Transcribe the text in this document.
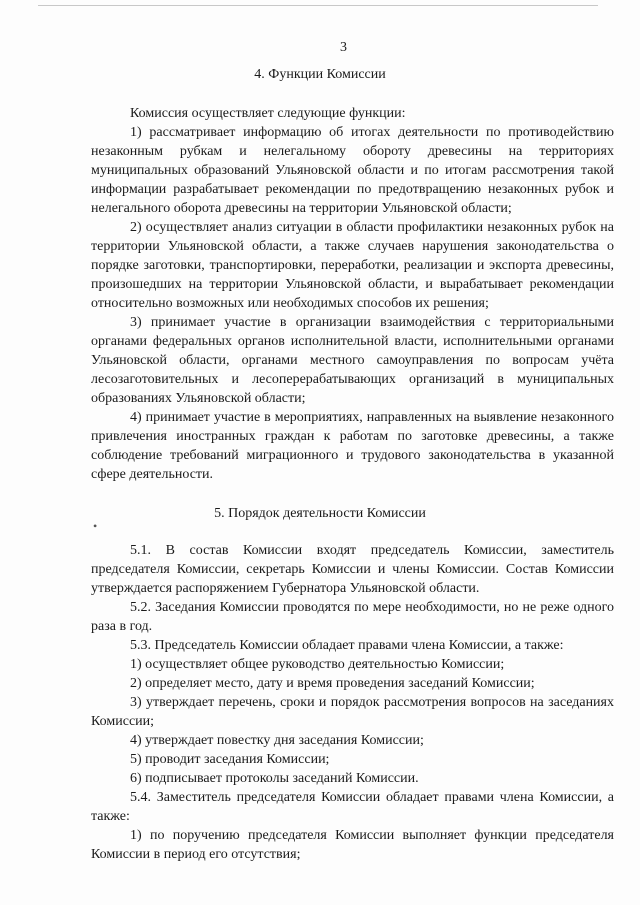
3
4. Функции Комиссии

Комиссия осуществляет следующие функции:

1) рассматривает информацию об итогах деятельности по противодействию незаконным рубкам и нелегальному обороту древесины на территориях муниципальных образований Ульяновской области и по итогам рассмотрения такой информации разрабатывает рекомендации по предотвращению незаконных рубок и нелегального оборота древесины на территории Ульяновской области;

2) осуществляет анализ ситуации в области профилактики незаконных рубок на территории Ульяновской области, а также случаев нарушения законодательства о порядке заготовки, транспортировки, переработки, реализации и экспорта древесины, произошедших на территории Ульяновской области, и вырабатывает рекомендации относительно возможных или необходимых способов их решения;

3) принимает участие в организации взаимодействия с территориальными органами федеральных органов исполнительной власти, исполнительными органами Ульяновской области, органами местного самоуправления по вопросам учёта лесозаготовительных и лесоперерабатывающих организаций в муниципальных образованиях Ульяновской области;

4) принимает участие в мероприятиях, направленных на выявление незаконного привлечения иностранных граждан к работам по заготовке древесины, а также соблюдение требований миграционного и трудового законодательства в указанной сфере деятельности.

•
5. Порядок деятельности Комиссии

5.1. В состав Комиссии входят председатель Комиссии, заместитель председателя Комиссии, секретарь Комиссии и члены Комиссии. Состав Комиссии утверждается распоряжением Губернатора Ульяновской области.

5.2. Заседания Комиссии проводятся по мере необходимости, но не реже одного раза в год.

5.3. Председатель Комиссии обладает правами члена Комиссии, а также:

1) осуществляет общее руководство деятельностью Комиссии;

2) определяет место, дату и время проведения заседаний Комиссии;

3) утверждает перечень, сроки и порядок рассмотрения вопросов на заседаниях Комиссии;

4) утверждает повестку дня заседания Комиссии;

5) проводит заседания Комиссии;

6) подписывает протоколы заседаний Комиссии.

5.4. Заместитель председателя Комиссии обладает правами члена Комиссии, а также:

1) по поручению председателя Комиссии выполняет функции председателя Комиссии в период его отсутствия;
